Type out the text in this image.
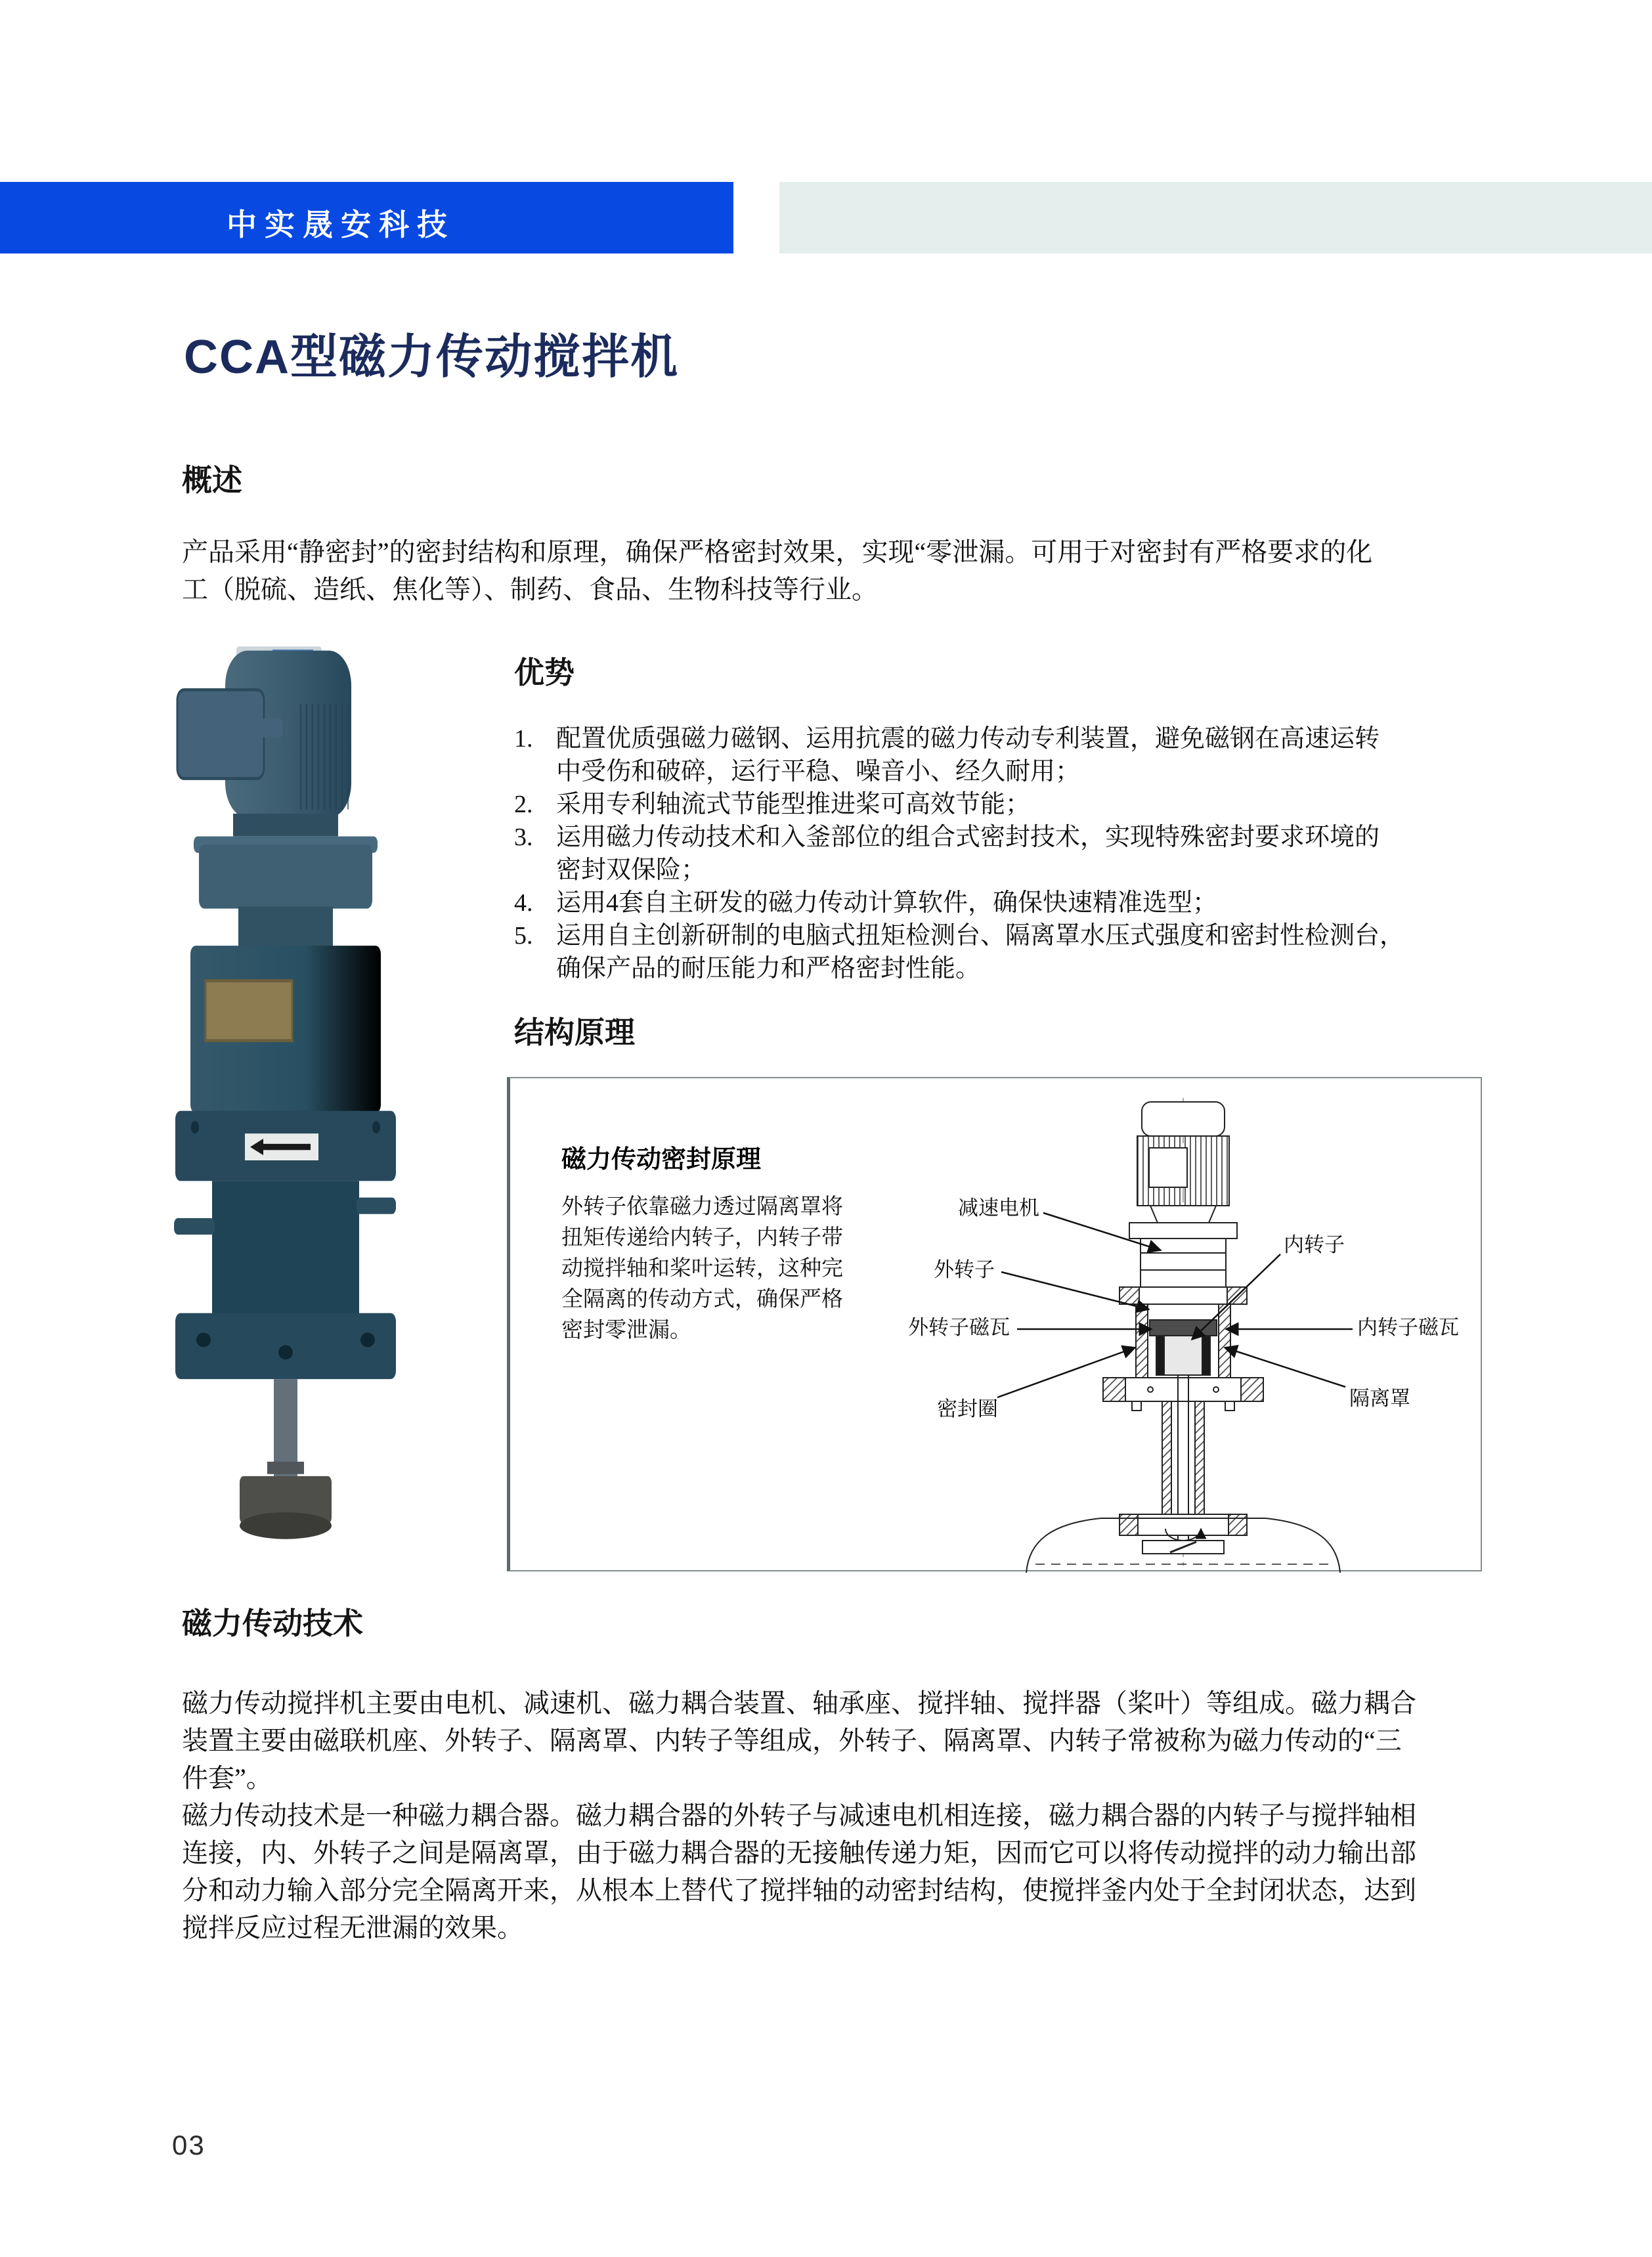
中实晟安科技
CCA型磁力传动搅拌机
概述
产品采用“静密封”的密封结构和原理，确保严格密封效果，实现“零泄漏。可用于对密封有严格要求的化
工（脱硫、造纸、焦化等）、制药、食品、生物科技等行业。
优势
1. 配置优质强磁力磁钢、运用抗震的磁力传动专利装置，避免磁钢在高速运转
中受伤和破碎，运行平稳、噪音小、经久耐用；
2. 采用专利轴流式节能型推进桨可高效节能；
3. 运用磁力传动技术和入釜部位的组合式密封技术，实现特殊密封要求环境的
密封双保险；
4. 运用4套自主研发的磁力传动计算软件，确保快速精准选型；
5. 运用自主创新研制的电脑式扭矩检测台、隔离罩水压式强度和密封性检测台，
确保产品的耐压能力和严格密封性能。
结构原理
磁力传动密封原理
外转子依靠磁力透过隔离罩将
扭矩传递给内转子，内转子带
动搅拌轴和桨叶运转，这种完
全隔离的传动方式，确保严格
密封零泄漏。
减速电机
外转子
外转子磁瓦
密封圈
内转子
内转子磁瓦
隔离罩
磁力传动技术
磁力传动搅拌机主要由电机、减速机、磁力耦合装置、轴承座、搅拌轴、搅拌器（桨叶）等组成。磁力耦合
装置主要由磁联机座、外转子、隔离罩、内转子等组成，外转子、隔离罩、内转子常被称为磁力传动的“三
件套”。
磁力传动技术是一种磁力耦合器。磁力耦合器的外转子与减速电机相连接，磁力耦合器的内转子与搅拌轴相
连接，内、外转子之间是隔离罩，由于磁力耦合器的无接触传递力矩，因而它可以将传动搅拌的动力输出部
分和动力输入部分完全隔离开来，从根本上替代了搅拌轴的动密封结构，使搅拌釜内处于全封闭状态，达到
搅拌反应过程无泄漏的效果。
03
